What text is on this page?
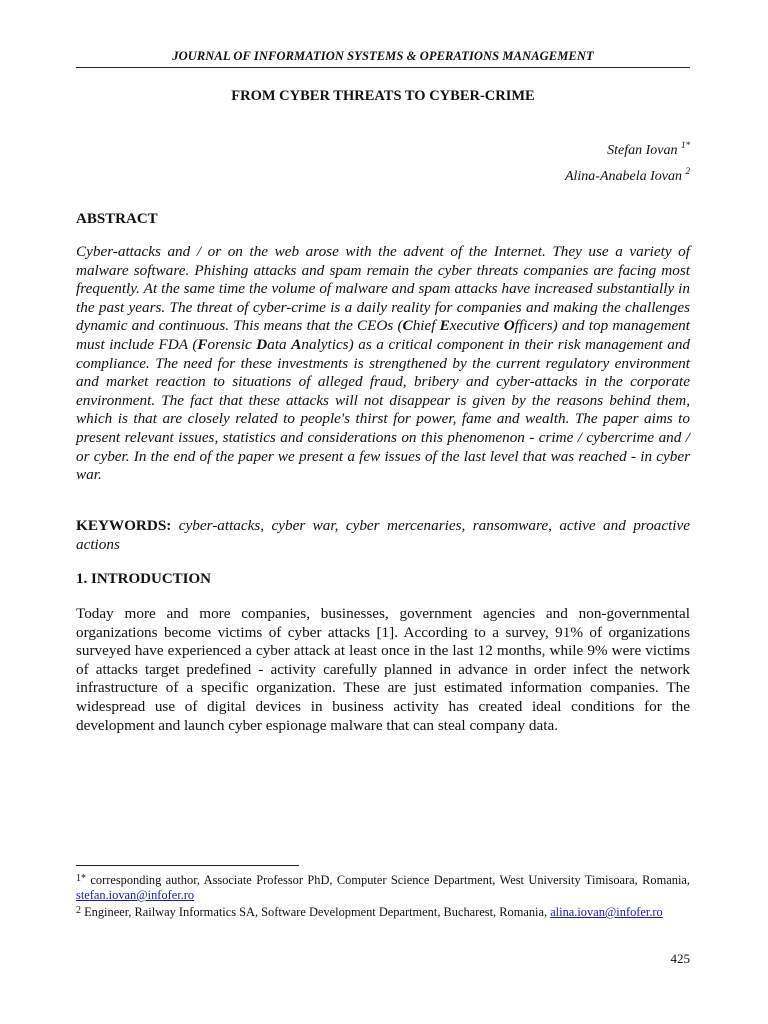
JOURNAL OF INFORMATION SYSTEMS & OPERATIONS MANAGEMENT
FROM CYBER THREATS TO CYBER-CRIME
Stefan Iovan $^{1*}$
Alina-Anabela Iovan $^2$
ABSTRACT

Cyber-attacks and / or on the web arose with the advent of the Internet. They use a variety of malware software. Phishing attacks and spam remain the cyber threats companies are facing most frequently. At the same time the volume of malware and spam attacks have increased substantially in the past years. The threat of cyber-crime is a daily reality for companies and making the challenges dynamic and continuous. This means that the CEOs (Chief Executive Officers) and top management must include FDA (Forensic Data Analytics) as a critical component in their risk management and compliance. The need for these investments is strengthened by the current regulatory environment and market reaction to situations of alleged fraud, bribery and cyber-attacks in the corporate environment. The fact that these attacks will not disappear is given by the reasons behind them, which is that are closely related to people's thirst for power, fame and wealth. The paper aims to present relevant issues, statistics and considerations on this phenomenon - crime / cybercrime and / or cyber. In the end of the paper we present a few issues of the last level that was reached - in cyber war.

KEYWORDS: cyber-attacks, cyber war, cyber mercenaries, ransomware, active and proactive actions

1. INTRODUCTION

Today more and more companies, businesses, government agencies and non-governmental organizations become victims of cyber attacks [1]. According to a survey, 91% of organizations surveyed have experienced a cyber attack at least once in the last 12 months, while 9% were victims of attacks target predefined - activity carefully planned in advance in order infect the network infrastructure of a specific organization. These are just estimated information companies. The widespread use of digital devices in business activity has created ideal conditions for the development and launch cyber espionage malware that can steal company data.

$^{1*}$ corresponding author, Associate Professor PhD, Computer Science Department, West University Timisoara, Romania, stefan.iovan@infofer.ro

$^2$ Engineer, Railway Informatics SA, Software Development Department, Bucharest, Romania, alina.iovan@infofer.ro

425
